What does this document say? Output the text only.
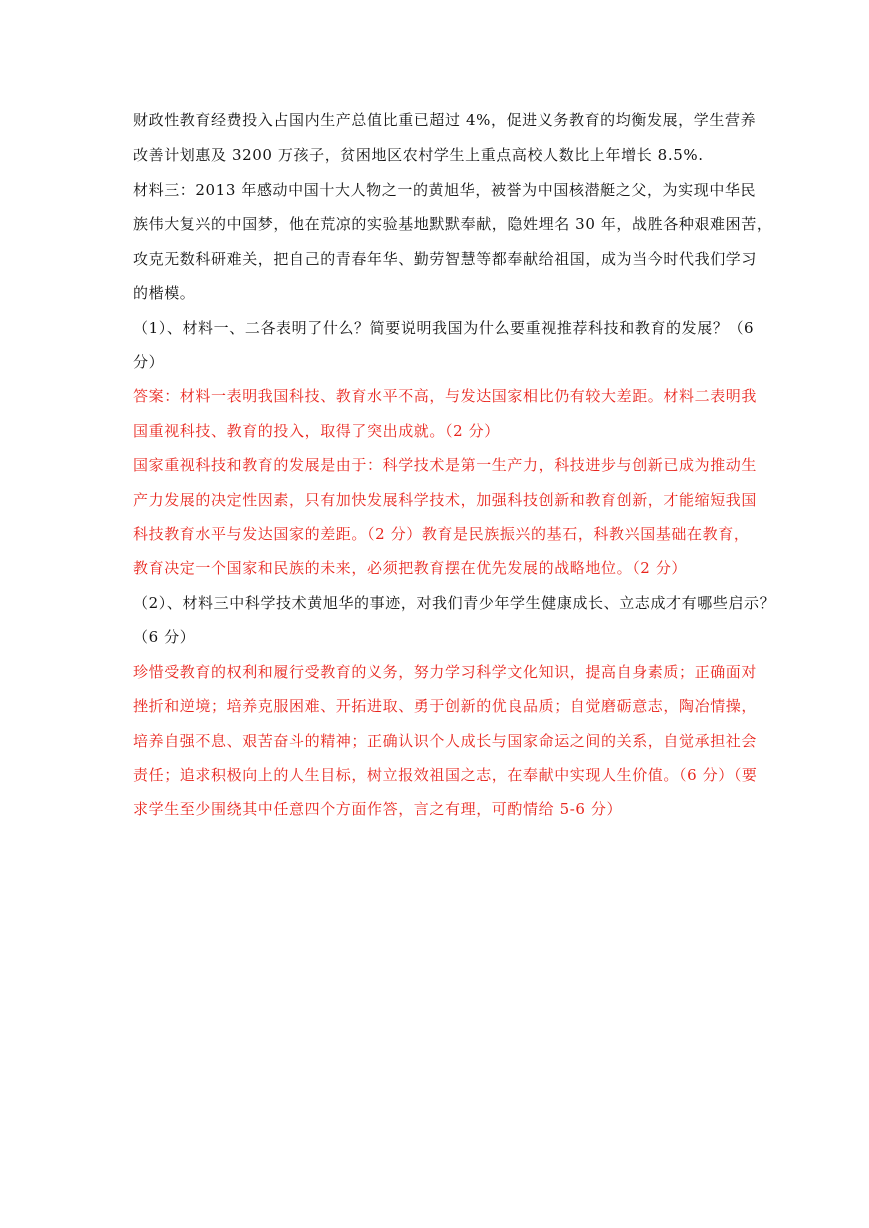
财政性教育经费投入占国内生产总值比重已超过 4%，促进义务教育的均衡发展，学生营养
改善计划惠及 3200 万孩子，贫困地区农村学生上重点高校人数比上年增长 8.5%.
材料三：2013 年感动中国十大人物之一的黄旭华，被誉为中国核潜艇之父，为实现中华民
族伟大复兴的中国梦，他在荒凉的实验基地默默奉献，隐姓埋名 30 年，战胜各种艰难困苦，
攻克无数科研难关，把自己的青春年华、勤劳智慧等都奉献给祖国，成为当今时代我们学习
的楷模。
（1）、材料一、二各表明了什么？简要说明我国为什么要重视推荐科技和教育的发展？（6
分）
答案：材料一表明我国科技、教育水平不高，与发达国家相比仍有较大差距。材料二表明我
国重视科技、教育的投入，取得了突出成就。（2 分）
国家重视科技和教育的发展是由于：科学技术是第一生产力，科技进步与创新已成为推动生
产力发展的决定性因素，只有加快发展科学技术，加强科技创新和教育创新，才能缩短我国
科技教育水平与发达国家的差距。（2 分）教育是民族振兴的基石，科教兴国基础在教育，
教育决定一个国家和民族的未来，必须把教育摆在优先发展的战略地位。（2 分）
（2）、材料三中科学技术黄旭华的事迹，对我们青少年学生健康成长、立志成才有哪些启示？
（6 分）
珍惜受教育的权利和履行受教育的义务，努力学习科学文化知识，提高自身素质；正确面对
挫折和逆境；培养克服困难、开拓进取、勇于创新的优良品质；自觉磨砺意志，陶冶情操，
培养自强不息、艰苦奋斗的精神；正确认识个人成长与国家命运之间的关系，自觉承担社会
责任；追求积极向上的人生目标，树立报效祖国之志，在奉献中实现人生价值。（6 分）（要
求学生至少围绕其中任意四个方面作答，言之有理，可酌情给 5-6 分）
